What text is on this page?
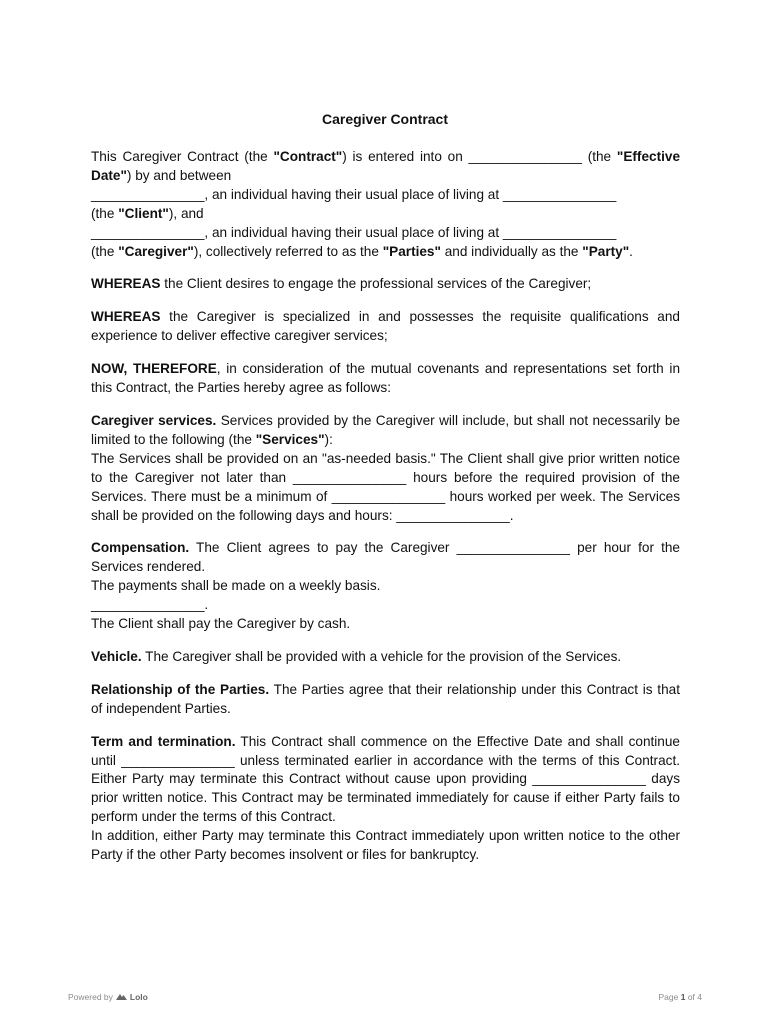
Caregiver Contract

This Caregiver Contract (the "Contract") is entered into on _______________ (the "Effective Date") by and between
_______________, an individual having their usual place of living at _______________
(the "Client"), and
_______________, an individual having their usual place of living at _______________
(the "Caregiver"), collectively referred to as the "Parties" and individually as the "Party".

WHEREAS the Client desires to engage the professional services of the Caregiver;

WHEREAS the Caregiver is specialized in and possesses the requisite qualifications and experience to deliver effective caregiver services;

NOW, THEREFORE, in consideration of the mutual covenants and representations set forth in this Contract, the Parties hereby agree as follows:

Caregiver services. Services provided by the Caregiver will include, but shall not necessarily be limited to the following (the "Services"):
The Services shall be provided on an "as-needed basis." The Client shall give prior written notice to the Caregiver not later than _______________ hours before the required provision of the Services. There must be a minimum of _______________ hours worked per week. The Services shall be provided on the following days and hours: _______________.

Compensation. The Client agrees to pay the Caregiver _______________ per hour for the Services rendered.
The payments shall be made on a weekly basis.
_______________.
The Client shall pay the Caregiver by cash.

Vehicle. The Caregiver shall be provided with a vehicle for the provision of the Services.

Relationship of the Parties. The Parties agree that their relationship under this Contract is that of independent Parties.

Term and termination. This Contract shall commence on the Effective Date and shall continue until _______________ unless terminated earlier in accordance with the terms of this Contract. Either Party may terminate this Contract without cause upon providing _______________ days prior written notice. This Contract may be terminated immediately for cause if either Party fails to perform under the terms of this Contract.
In addition, either Party may terminate this Contract immediately upon written notice to the other Party if the other Party becomes insolvent or files for bankruptcy.

Powered by Lolo	Page 1 of 4
